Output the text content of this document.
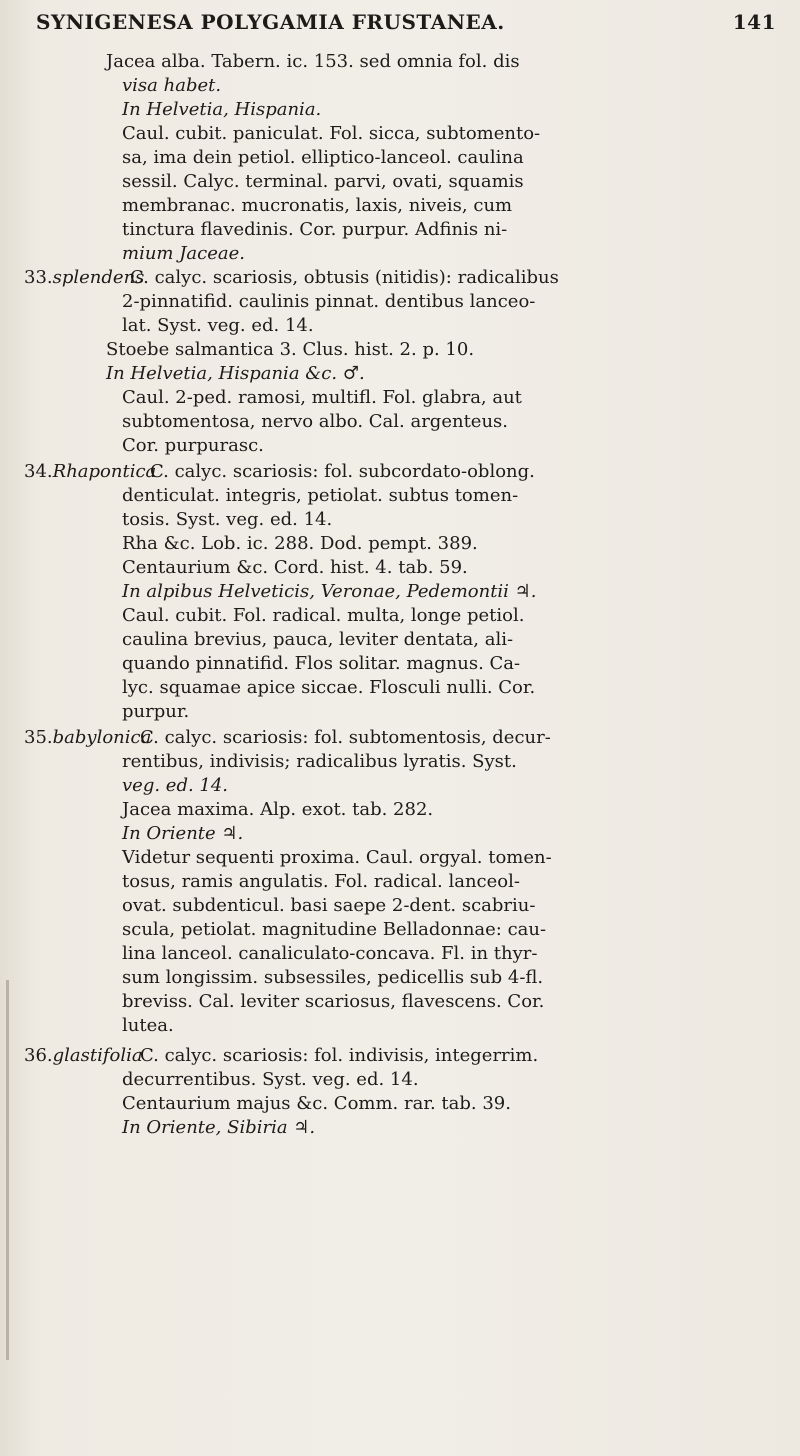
SYNIGENESA POLYGAMIA FRUSTANEA.	141
Jacea alba. Tabern. ic. 153. sed omnia fol. dis
visa habet.
In Helvetia, Hispania.
Caul. cubit. paniculat. Fol. sicca, subtomento-
sa, ima dein petiol. elliptico-lanceol. caulina
sessil. Calyc. terminal. parvi, ovati, squamis
membranac. mucronatis, laxis, niveis, cum
tinctura flavedinis. Cor. purpur. Adfinis ni-
mium Jaceae.
33.splendens
C. calyc. scariosis, obtusis (nitidis): radicalibus
2-pinnatifid. caulinis pinnat. dentibus lanceo-
lat. Syst. veg. ed. 14.
Stoebe salmantica 3. Clus. hist. 2. p. 10.
In Helvetia, Hispania &c. ♂.
Caul. 2-ped. ramosi, multifl. Fol. glabra, aut
subtomentosa, nervo albo. Cal. argenteus.
Cor. purpurasc.
34.Rhapontica
C. calyc. scariosis: fol. subcordato-oblong.
denticulat. integris, petiolat. subtus tomen-
tosis. Syst. veg. ed. 14.
Rha &c. Lob. ic. 288. Dod. pempt. 389.
Centaurium &c. Cord. hist. 4. tab. 59.
In alpibus Helveticis, Veronae, Pedemontii ♃.
Caul. cubit. Fol. radical. multa, longe petiol.
caulina brevius, pauca, leviter dentata, ali-
quando pinnatifid. Flos solitar. magnus. Ca-
lyc. squamae apice siccae. Flosculi nulli. Cor.
purpur.
35.babylonica
C. calyc. scariosis: fol. subtomentosis, decur-
rentibus, indivisis; radicalibus lyratis. Syst.
veg. ed. 14.
Jacea maxima. Alp. exot. tab. 282.
In Oriente ♃.
Videtur sequenti proxima. Caul. orgyal. tomen-
tosus, ramis angulatis. Fol. radical. lanceol-
ovat. subdenticul. basi saepe 2-dent. scabriu-
scula, petiolat. magnitudine Belladonnae: cau-
lina lanceol. canaliculato-concava. Fl. in thyr-
sum longissim. subsessiles, pedicellis sub 4-fl.
breviss. Cal. leviter scariosus, flavescens. Cor.
lutea.
36.glastifolia
C. calyc. scariosis: fol. indivisis, integerrim.
decurrentibus. Syst. veg. ed. 14.
Centaurium majus &c. Comm. rar. tab. 39.
In Oriente, Sibiria ♃.
